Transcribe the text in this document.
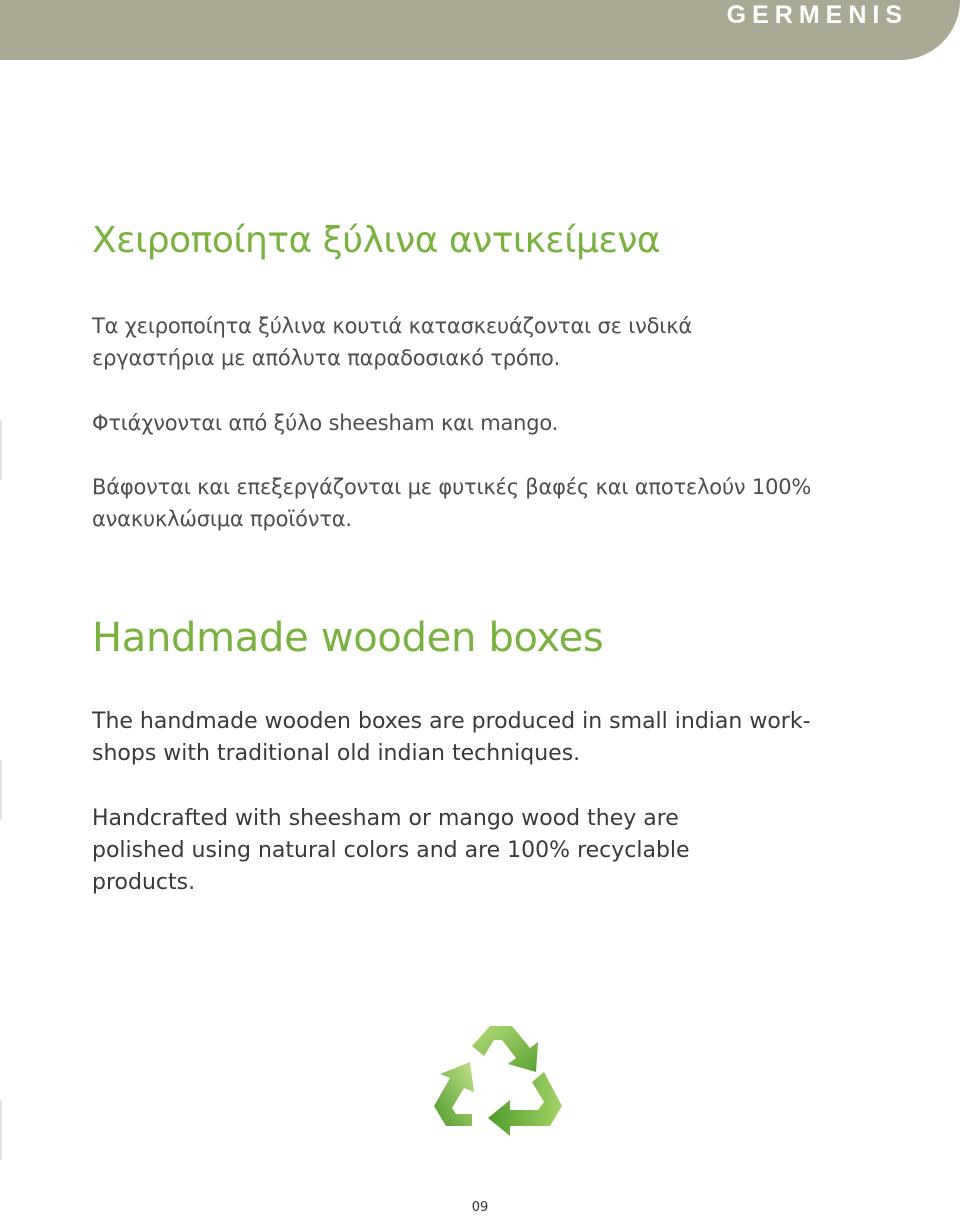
GERMENIS
Χειροποίητα ξύλινα αντικείμενα

Τα χειροποίητα ξύλινα κουτιά κατασκευάζονται σε ινδικά
εργαστήρια με απόλυτα παραδοσιακό τρόπο.

Φτιάχνονται από ξύλο sheesham και mango.

Βάφονται και επεξεργάζονται με φυτικές βαφές και αποτελούν 100%
ανακυκλώσιμα προϊόντα.

Handmade wooden boxes

The handmade wooden boxes are produced in small indian work-
shops with traditional old indian techniques.

Handcrafted with sheesham or mango wood they are
polished using natural colors and are 100% recyclable
products.

09
